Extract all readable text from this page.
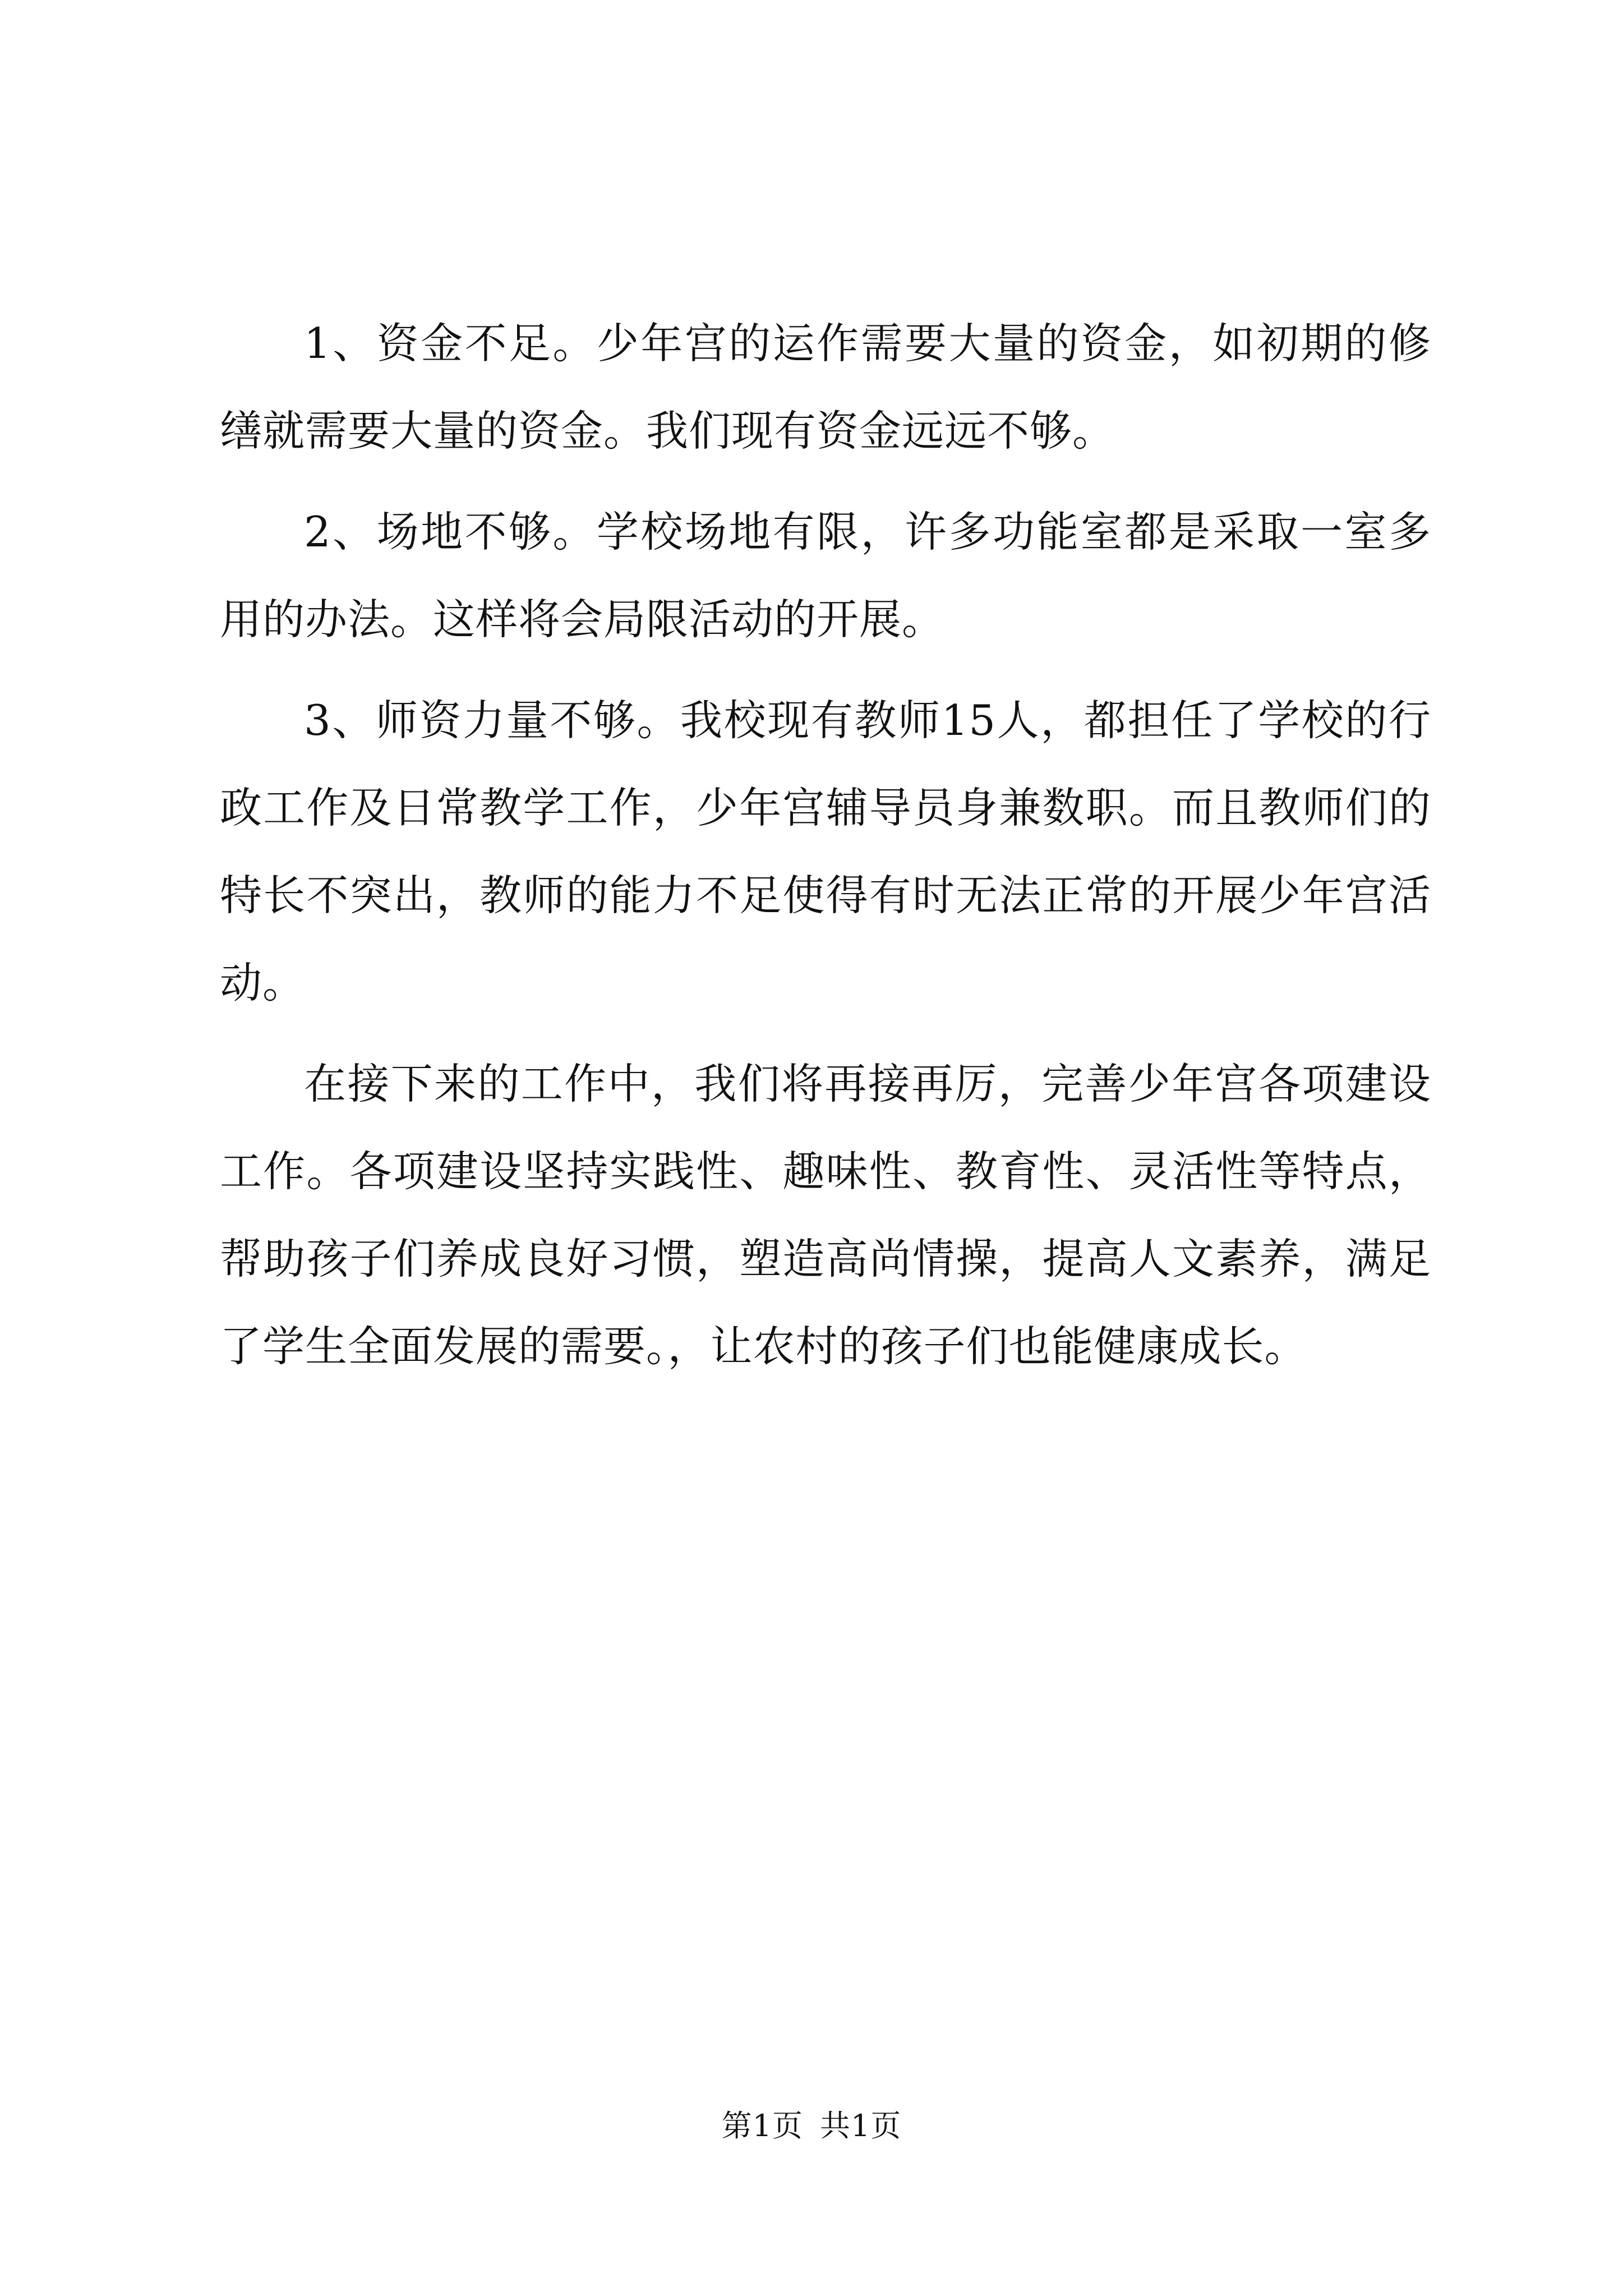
1、资金不足。少年宫的运作需要大量的资金，如初期的修缮就需要大量的资金。我们现有资金远远不够。

2、场地不够。学校场地有限，许多功能室都是采取一室多用的办法。这样将会局限活动的开展。

3、师资力量不够。我校现有教师15人，都担任了学校的行政工作及日常教学工作，少年宫辅导员身兼数职。而且教师们的特长不突出，教师的能力不足使得有时无法正常的开展少年宫活动。

在接下来的工作中，我们将再接再厉，完善少年宫各项建设工作。各项建设坚持实践性、趣味性、教育性、灵活性等特点，帮助孩子们养成良好习惯，塑造高尚情操，提高人文素养，满足了学生全面发展的需要。，让农村的孩子们也能健康成长。

第1页 共1页
